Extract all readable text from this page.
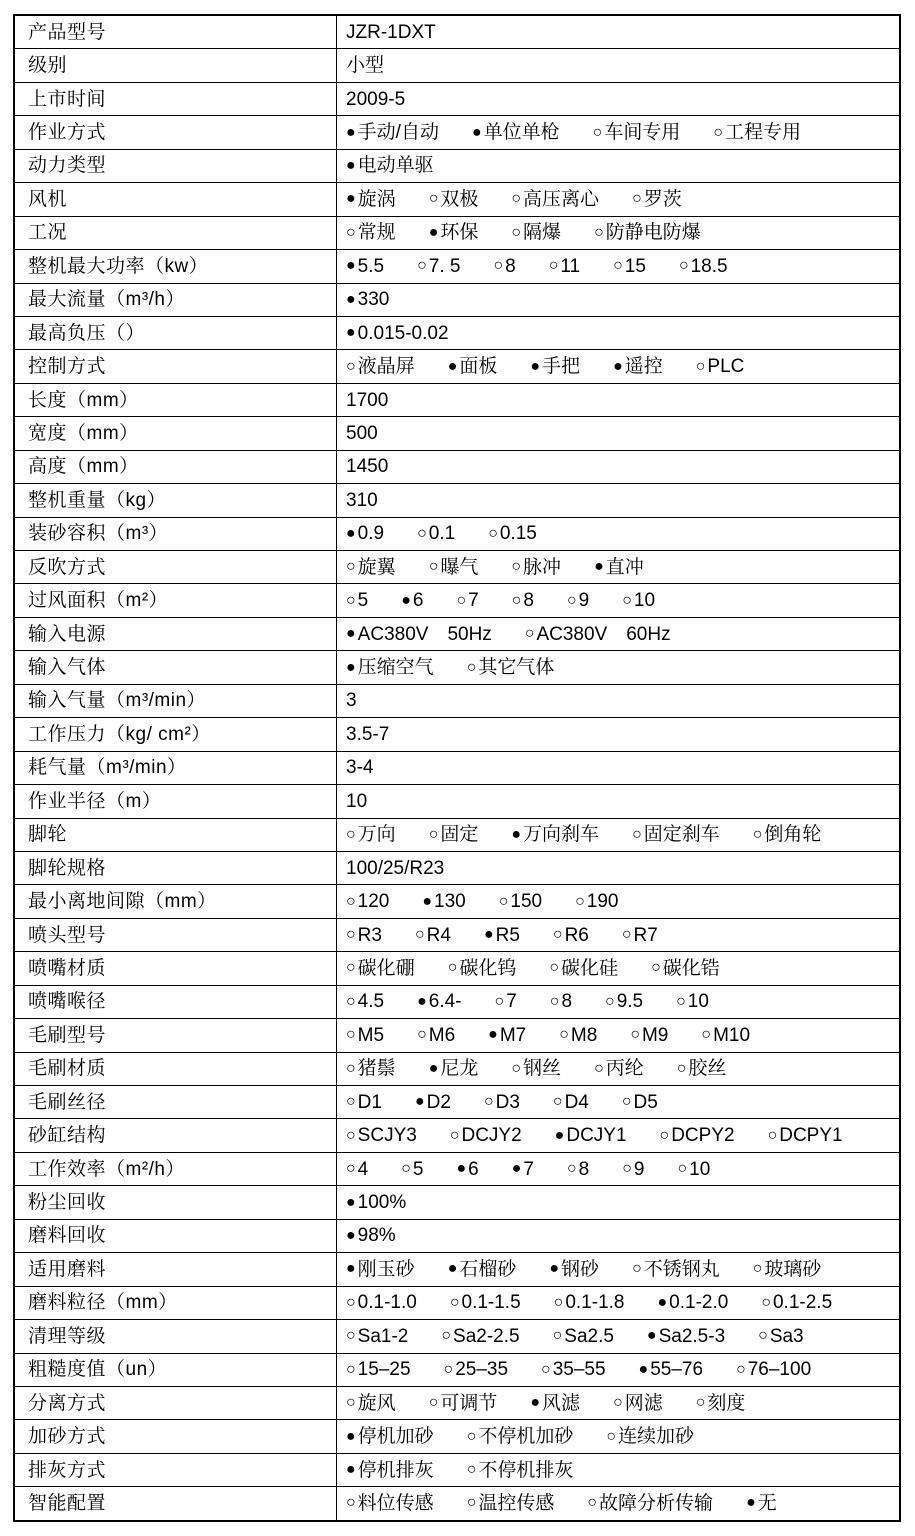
产品型号	JZR-1DXT
级别	小型
上市时间	2009-5
作业方式	● 手动/自动 ● 单位单枪 ○ 车间专用 ○ 工程专用
动力类型	● 电动单驱
风机	● 旋涡 ○ 双极 ○ 高压离心 ○ 罗茨
工况	○ 常规 ● 环保 ○ 隔爆 ○ 防静电防爆
整机最大功率（kw）	● 5.5 ○ 7. 5 ○ 8 ○ 11 ○ 15 ○ 18.5
最大流量（m³/h）	● 330
最高负压（）	● 0.015-0.02
控制方式	○ 液晶屏 ● 面板 ● 手把 ● 遥控 ○ PLC
长度（mm）	1700
宽度（mm）	500
高度（mm）	1450
整机重量（kg）	310
装砂容积（m³）	● 0.9 ○ 0.1 ○ 0.15
反吹方式	○ 旋翼 ○ 曝气 ○ 脉冲 ● 直冲
过风面积（m²）	○ 5 ● 6 ○ 7 ○ 8 ○ 9 ○ 10
输入电源	● AC380V　50Hz ○ AC380V　60Hz
输入气体	● 压缩空气 ○ 其它气体
输入气量（m³/min）	3
工作压力（kg/ cm²）	3.5-7
耗气量（m³/min）	3-4
作业半径（m）	10
脚轮	○ 万向 ○ 固定 ● 万向刹车 ○ 固定刹车 ○ 倒角轮
脚轮规格	100/25/R23
最小离地间隙（mm）	○ 120 ● 130 ○ 150 ○ 190
喷头型号	○ R3 ○ R4 ● R5 ○ R6 ○ R7
喷嘴材质	○ 碳化硼 ○ 碳化钨 ○ 碳化硅 ○ 碳化锆
喷嘴喉径	○ 4.5 ● 6.4- ○ 7 ○ 8 ○ 9.5 ○ 10
毛刷型号	○ M5 ○ M6 ● M7 ○ M8 ○ M9 ○ M10
毛刷材质	○ 猪鬃 ● 尼龙 ○ 钢丝 ○ 丙纶 ○ 胶丝
毛刷丝径	○ D1 ● D2 ○ D3 ○ D4 ○ D5
砂缸结构	○ SCJY3 ○ DCJY2 ● DCJY1 ○ DCPY2 ○ DCPY1
工作效率（m²/h）	○ 4 ○ 5 ● 6 ● 7 ○ 8 ○ 9 ○ 10
粉尘回收	● 100%
磨料回收	● 98%
适用磨料	● 刚玉砂 ● 石榴砂 ● 钢砂 ○ 不锈钢丸 ○ 玻璃砂
磨料粒径（mm）	○ 0.1-1.0 ○ 0.1-1.5 ○ 0.1-1.8 ● 0.1-2.0 ○ 0.1-2.5
清理等级	○ Sa1-2 ○ Sa2-2.5 ○ Sa2.5 ● Sa2.5-3 ○ Sa3
粗糙度值（un）	○ 15–25 ○ 25–35 ○ 35–55 ● 55–76 ○ 76–100
分离方式	○ 旋风 ○ 可调节 ● 风滤 ○ 网滤 ○ 刻度
加砂方式	● 停机加砂 ○ 不停机加砂 ○ 连续加砂
排灰方式	● 停机排灰 ○ 不停机排灰
智能配置	○ 料位传感 ○ 温控传感 ○ 故障分析传输 ● 无
